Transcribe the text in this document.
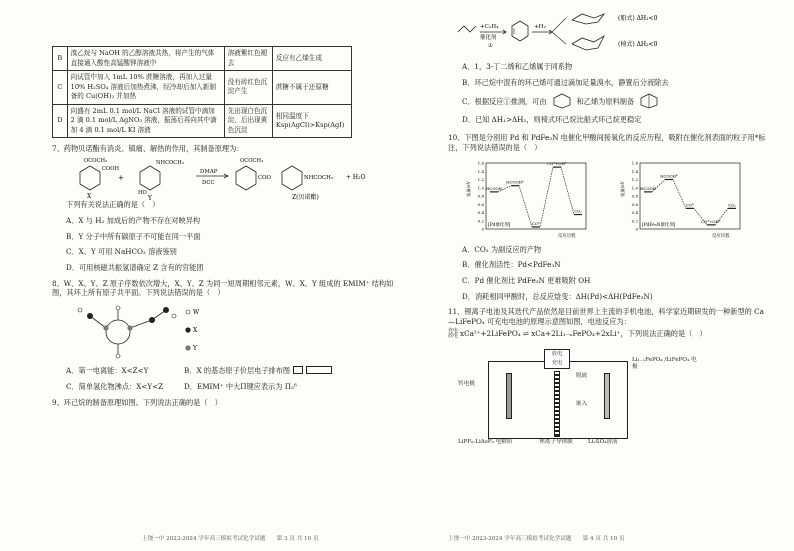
B	溴乙烷与 NaOH 的乙醇溶液共热，将产生的气体直接通入酸性高锰酸钾溶液中	溶液紫红色褪去	反应有乙烯生成
C	向试管中加入 1mL 10% 蔗糖溶液，再加入过量 10% H₂SO₄ 溶液后加热煮沸，经冷却后加入新制备的 Cu(OH)₂ 并加热	没有砖红色沉淀产生	蔗糖不属于还原糖
D	向盛有 2mL 0.1 mol/L NaCl 溶液的试管中滴加 2 滴 0.1 mol/L AgNO₃ 溶液，振荡后再向其中滴加 4 滴 0.1 mol/L KI 溶液	先出现白色沉淀，后出现黄色沉淀	相同温度下 Ksp(AgCl)>Ksp(AgI)
7、药物贝诺酯有消炎、镇痛、解热的作用，其制备原理为：
OCOCH₃
COOH
X
+
NHCOCH₃
HO
Y
DMAP
DCC
OCOCH₃
COO	NHCOCH₃ + H₂O
Z(贝诺酯)
下列有关说法正确的是（　）
A．X 与 H₂ 加成后的产物不存在对映异构
B．Y 分子中所有碳原子不可能在同一平面
C．X、Y 可用 NaHCO₃ 溶液鉴别
D．可用核磁共振氢谱确定 Z 含有的官能团
8、W、X、Y、Z 原子序数依次增大，X、Y、Z 为同一短周期相邻元素，W、X、Y 组成的 EMIM⁺ 结构如图，其环上所有原子共平面。下列说法错误的是（　）
W
X
Y
A．第一电离能：X<Z<Y	B．X 的基态原子价层电子排布图
C．简单氢化物沸点：X<Y<Z	D．EMIM⁺ 中大Π键应表示为 Π₅⁶
9、环己烷的制备原理如图。下列说法正确的是（　）
上饶一中 2023-2024 学年高三模拟考试化学试题　　第 3 页 共 10 页
+C₂H₄
催化剂
①
+H₂
(船式) ΔH₁<0
(椅式) ΔH₂<0
A．1，3-丁二烯和乙烯属于同系物
B．环己烷中混有的环己烯可通过滴加足量溴水，静置后分液除去
C．根据反应①推测，可由	和乙烯为原料制备
D．已知 ΔH₁>ΔH₂，则椅式环己烷比船式环己烷更稳定
10、下图是分别用 Pd 和 PdFe₃N 电催化甲酸间接氧化的反应历程，吸附在催化剂表面的粒子用*标注，下列说法错误的是（　）
1.6
1.4
1.2
1.0
0.8
0.6
0.4
0.2
0
能量/eV
反应历程
[Pd催化剂]
HCOOH
HCOOH*
CO*
CO*+OH*
CO₂
1.6
1.4
1.2
1.0
0.8
0.6
0.4
0.2
0
能量/eV
反应历程
[PdFe₃N催化剂]
HCOOH
HCOOH*
CO*
CO*+OH*
CO₂
A．CO₂ 为副反应的产物
B．催化剂活性：Pd<PdFe₃N
C．Pd 催化剂比 PdFe₃N 更难吸附 OH
D．消耗相同甲酸时，总反应焓变：ΔH(Pd)<ΔH(PdFe₃N)
11、锂离子电池及其迭代产品依然是目前世界上主流的手机电池，科学家近期研发的一种新型的 Ca—LiFePO₄ 可充电电池的原理示意图如图，电池反应为：
充电
放电 xCa²⁺+2LiFePO₄ ⇌ xCa+2Li₁₋ₓFePO₄+2xLi⁺，下列说法正确的是（　）
放电
充电
钙电极
Li₁₋ₓFePO₄ /LiFePO₄ 电极
脱嵌
嵌入
LiPF₆-LiAsF₆ 电解质	锂离子导体膜	Li₂SO₄溶液
上饶一中 2023-2024 学年高三模拟考试化学试题　　第 4 页 共 10 页
